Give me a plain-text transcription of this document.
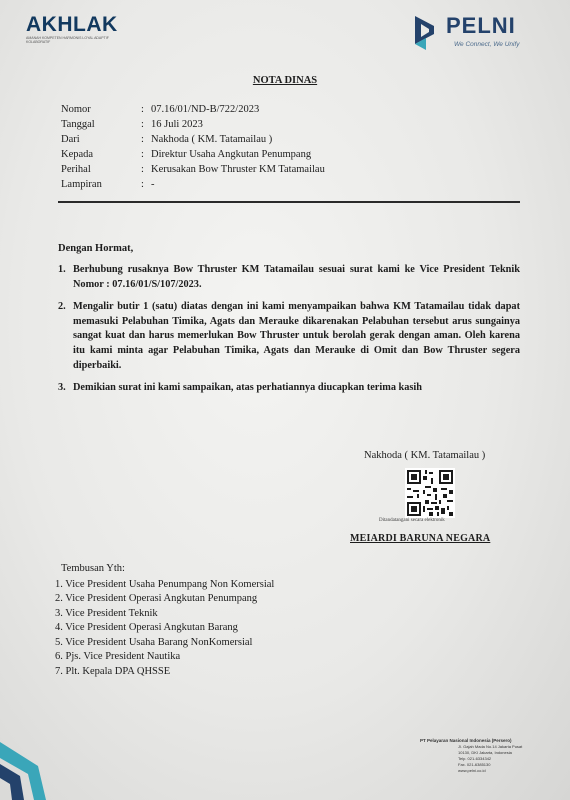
AKHLAK
AMANAH KOMPETEN HARMONIS LOYAL ADAPTIF KOLABORATIF
PELNI
We Connect, We Unify
NOTA DINAS
Nomor	: 07.16/01/ND-B/722/2023
Tanggal	: 16 Juli 2023
Dari	: Nakhoda ( KM. Tatamailau )
Kepada	: Direktur Usaha Angkutan Penumpang
Perihal	: Kerusakan Bow Thruster KM Tatamailau
Lampiran	: -
Dengan Hormat,
1. Berhubung rusaknya Bow Thruster KM Tatamailau sesuai surat kami ke Vice President Teknik Nomor : 07.16/01/S/107/2023.
2. Mengalir butir 1 (satu) diatas dengan ini kami menyampaikan bahwa KM Tatamailau tidak dapat memasuki Pelabuhan Timika, Agats dan Merauke dikarenakan Pelabuhan tersebut arus sungainya sangat kuat dan harus memerlukan Bow Thruster untuk berolah gerak dengan aman. Oleh karena itu kami minta agar Pelabuhan Timika, Agats dan Merauke di Omit dan Bow Thruster segera diperbaiki.
3. Demikian surat ini kami sampaikan, atas perhatiannya diucapkan terima kasih
Nakhoda ( KM. Tatamailau )
Ditandatangani secara elektronik
MEIARDI BARUNA NEGARA
Tembusan Yth:
1. Vice President Usaha Penumpang Non Komersial
2. Vice President Operasi Angkutan Penumpang
3. Vice President Teknik
4. Vice President Operasi Angkutan Barang
5. Vice President Usaha Barang NonKomersial
6. Pjs. Vice President Nautika
7. Plt. Kepala DPA QHSSE
PT Pelayaran Nasional Indonesia (Persero)
Jl. Gajah Mada No.14 Jakarta Pusat
10130, DKI Jakarta, Indonesia
Telp. 021-6334342
Fax. 021-6385130
www.pelni.co.id
